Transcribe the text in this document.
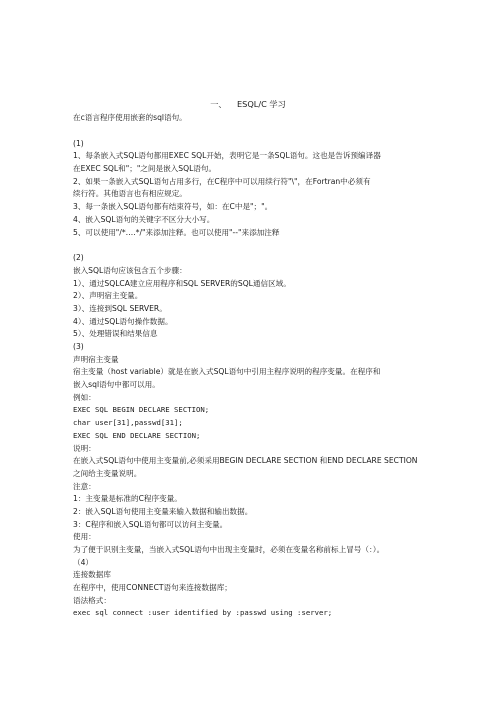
一、    ESQL/C 学习
在c语言程序使用嵌套的sql语句。
(1)
1、每条嵌入式SQL语句都用EXEC SQL开始，表明它是一条SQL语句。这也是告诉预编译器
在EXEC SQL和"；"之间是嵌入SQL语句。
2、如果一条嵌入式SQL语句占用多行，在C程序中可以用续行符"\"，在Fortran中必须有
续行符。其他语言也有相应规定。
3、每一条嵌入SQL语句都有结束符号，如：在C中是"；"。
4、嵌入SQL语句的关键字不区分大小写。
5、可以使用"/*….*/"来添加注释。也可以使用"--"来添加注释
(2)
嵌入SQL语句应该包含五个步骤：
1）、通过SQLCA建立应用程序和SQL SERVER的SQL通信区域。
2）、声明宿主变量。
3）、连接到SQL SERVER。
4）、通过SQL语句操作数据。
5）、处理错误和结果信息
(3)
声明宿主变量
宿主变量（host variable）就是在嵌入式SQL语句中引用主程序说明的程序变量。在程序和
嵌入sql语句中都可以用。
例如：
EXEC SQL BEGIN DECLARE SECTION;
char user[31],passwd[31];
EXEC SQL END DECLARE SECTION;
说明：
在嵌入式SQL语句中使用主变量前,必须采用BEGIN DECLARE SECTION 和END DECLARE SECTION
之间给主变量说明。
注意：
1：主变量是标准的C程序变量。
2：嵌入SQL语句使用主变量来输入数据和输出数据。
3：C程序和嵌入SQL语句都可以访问主变量。
使用：
为了便于识别主变量，当嵌入式SQL语句中出现主变量时，必须在变量名称前标上冒号（：）。
（4）
连接数据库
在程序中，使用CONNECT语句来连接数据库；
语法格式：
exec sql connect :user identified by :passwd using :server;
